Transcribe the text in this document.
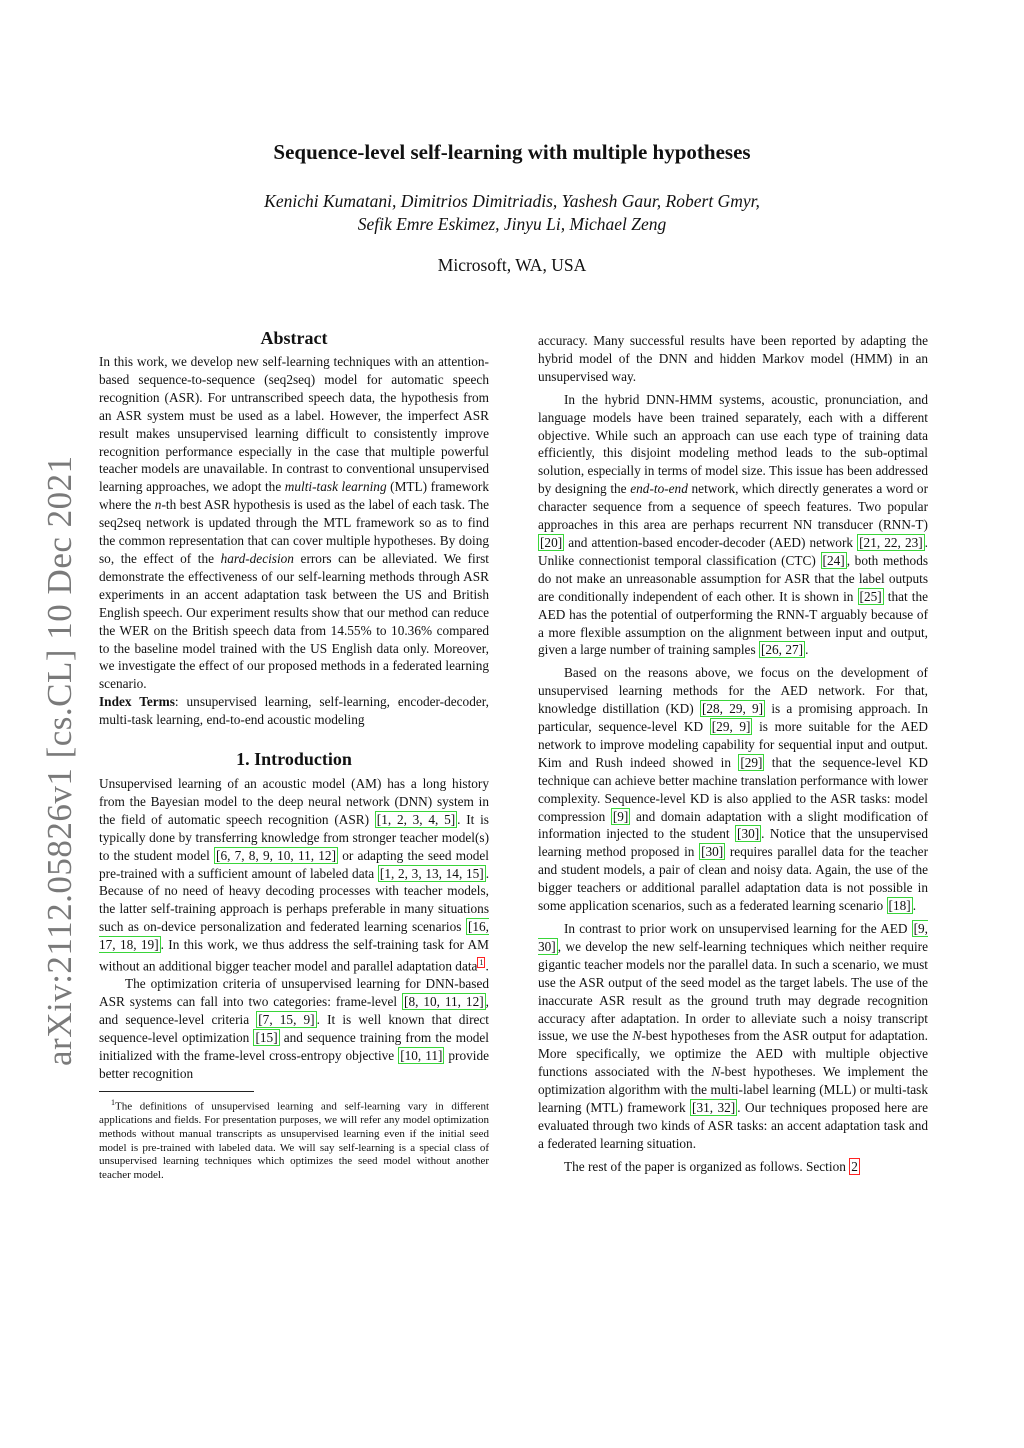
Sequence-level self-learning with multiple hypotheses
Kenichi Kumatani, Dimitrios Dimitriadis, Yashesh Gaur, Robert Gmyr,
Sefik Emre Eskimez, Jinyu Li, Michael Zeng
Microsoft, WA, USA
arXiv:2112.05826v1 [cs.CL] 10 Dec 2021
Abstract

In this work, we develop new self-learning techniques with an attention-based sequence-to-sequence (seq2seq) model for automatic speech recognition (ASR). For untranscribed speech data, the hypothesis from an ASR system must be used as a label. However, the imperfect ASR result makes unsupervised learning difficult to consistently improve recognition performance especially in the case that multiple powerful teacher models are unavailable. In contrast to conventional unsupervised learning approaches, we adopt the multi-task learning (MTL) framework where the n-th best ASR hypothesis is used as the label of each task. The seq2seq network is updated through the MTL framework so as to find the common representation that can cover multiple hypotheses. By doing so, the effect of the hard-decision errors can be alleviated. We first demonstrate the effectiveness of our self-learning methods through ASR experiments in an accent adaptation task between the US and British English speech. Our experiment results show that our method can reduce the WER on the British speech data from 14.55% to 10.36% compared to the baseline model trained with the US English data only. Moreover, we investigate the effect of our proposed methods in a federated learning scenario.

Index Terms: unsupervised learning, self-learning, encoder-decoder, multi-task learning, end-to-end acoustic modeling

1. Introduction

Unsupervised learning of an acoustic model (AM) has a long history from the Bayesian model to the deep neural network (DNN) system in the field of automatic speech recognition (ASR) [1, 2, 3, 4, 5] . It is typically done by transferring knowledge from stronger teacher model(s) to the student model [6, 7, 8, 9, 10, 11, 12] or adapting the seed model pre-trained with a sufficient amount of labeled data [1, 2, 3, 13, 14, 15] . Because of no need of heavy decoding processes with teacher models, the latter self-training approach is perhaps preferable in many situations such as on-device personalization and federated learning scenarios [16, 17, 18, 19] . In this work, we thus address the self-training task for AM without an additional bigger teacher model and parallel adaptation data $^1$ .

The optimization criteria of unsupervised learning for DNN-based ASR systems can fall into two categories: frame-level [8, 10, 11, 12] , and sequence-level criteria [7, 15, 9] . It is well known that direct sequence-level optimization [15] and sequence training from the model initialized with the frame-level cross-entropy objective [10, 11] provide better recognition

$^1$The definitions of unsupervised learning and self-learning vary in different applications and fields. For presentation purposes, we will refer any model optimization methods without manual transcripts as unsupervised learning even if the initial seed model is pre-trained with labeled data. We will say self-learning is a special class of unsupervised learning techniques which optimizes the seed model without another teacher model.

accuracy. Many successful results have been reported by adapting the hybrid model of the DNN and hidden Markov model (HMM) in an unsupervised way.

In the hybrid DNN-HMM systems, acoustic, pronunciation, and language models have been trained separately, each with a different objective. While such an approach can use each type of training data efficiently, this disjoint modeling method leads to the sub-optimal solution, especially in terms of model size. This issue has been addressed by designing the end-to-end network, which directly generates a word or character sequence from a sequence of speech features. Two popular approaches in this area are perhaps recurrent NN transducer (RNN-T) [20] and attention-based encoder-decoder (AED) network [21, 22, 23] . Unlike connectionist temporal classification (CTC) [24] , both methods do not make an unreasonable assumption for ASR that the label outputs are conditionally independent of each other. It is shown in [25] that the AED has the potential of outperforming the RNN-T arguably because of a more flexible assumption on the alignment between input and output, given a large number of training samples [26, 27] .

Based on the reasons above, we focus on the development of unsupervised learning methods for the AED network. For that, knowledge distillation (KD) [28, 29, 9] is a promising approach. In particular, sequence-level KD [29, 9] is more suitable for the AED network to improve modeling capability for sequential input and output. Kim and Rush indeed showed in [29] that the sequence-level KD technique can achieve better machine translation performance with lower complexity. Sequence-level KD is also applied to the ASR tasks: model compression [9] and domain adaptation with a slight modification of information injected to the student [30] . Notice that the unsupervised learning method proposed in [30] requires parallel data for the teacher and student models, a pair of clean and noisy data. Again, the use of the bigger teachers or additional parallel adaptation data is not possible in some application scenarios, such as a federated learning scenario [18] .

In contrast to prior work on unsupervised learning for the AED [9, 30] , we develop the new self-learning techniques which neither require gigantic teacher models nor the parallel data. In such a scenario, we must use the ASR output of the seed model as the target labels. The use of the inaccurate ASR result as the ground truth may degrade recognition accuracy after adaptation. In order to alleviate such a noisy transcript issue, we use the N-best hypotheses from the ASR output for adaptation. More specifically, we optimize the AED with multiple objective functions associated with the N-best hypotheses. We implement the optimization algorithm with the multi-label learning (MLL) or multi-task learning (MTL) framework [31, 32] . Our techniques proposed here are evaluated through two kinds of ASR tasks: an accent adaptation task and a federated learning situation.

The rest of the paper is organized as follows. Section 2
